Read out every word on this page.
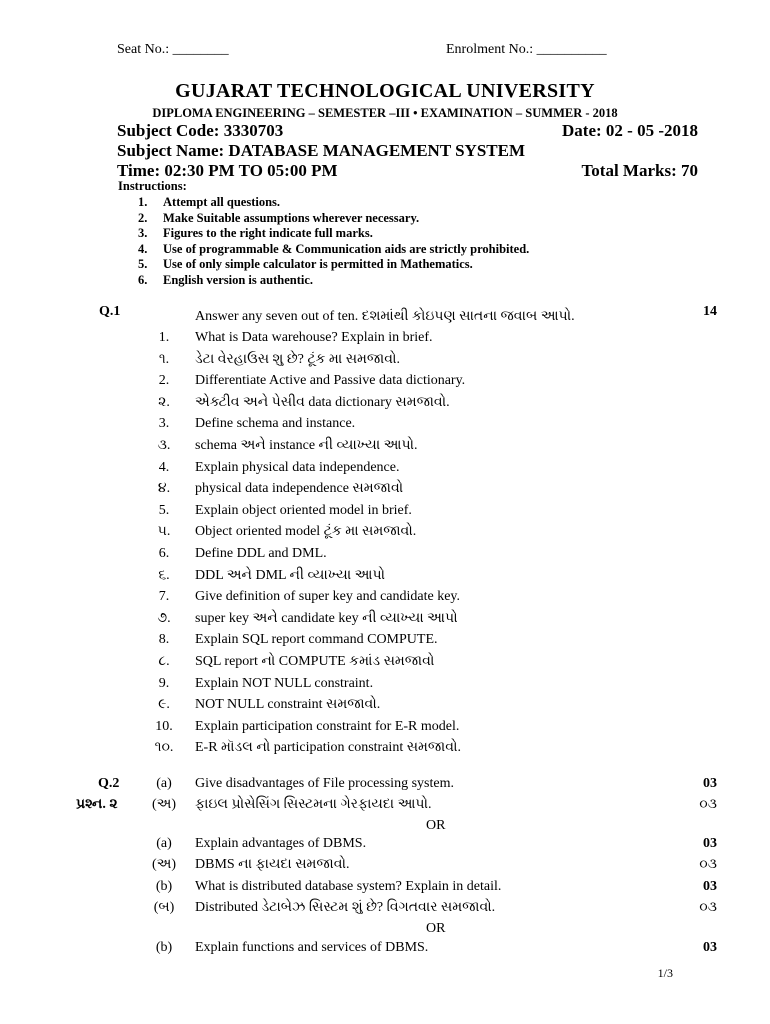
Seat No.: ________	Enrolment No.: __________
GUJARAT TECHNOLOGICAL UNIVERSITY
DIPLOMA ENGINEERING – SEMESTER –III • EXAMINATION – SUMMER - 2018
Subject Code: 3330703	Date: 02 - 05 -2018
Subject Name: DATABASE MANAGEMENT SYSTEM
Time: 02:30 PM TO 05:00 PM	Total Marks: 70
Instructions:
1. Attempt all questions.
2. Make Suitable assumptions wherever necessary.
3. Figures to the right indicate full marks.
4. Use of programmable & Communication aids are strictly prohibited.
5. Use of only simple calculator is permitted in Mathematics.
6. English version is authentic.
Q.1	Answer any seven out of ten. દશમાંથી કોઇપણ સાતના જવાબ આપો.	14
1.	What is Data warehouse? Explain in brief.
૧.	ડેટા વેરહાઉસ શુ છે? ટૂંક મા સમજાવો.
2.	Differentiate Active and Passive data dictionary.
૨.	એક્ટીવ અને પેસીવ data dictionary સમજાવો.
3.	Define schema and instance.
૩.	schema અને instance ની વ્યાખ્યા આપો.
4.	Explain physical data independence.
૪.	physical data independence સમજાવો
5.	Explain object oriented model in brief.
૫.	Object oriented model ટૂંક મા સમજાવો.
6.	Define DDL and DML.
૬.	DDL અને DML ની વ્યાખ્યા આપો
7.	Give definition of super key and candidate key.
૭.	super key અને candidate key ની વ્યાખ્યા આપો
8.	Explain SQL report command COMPUTE.
૮.	SQL report નો COMPUTE કમાંડ સમજાવો
9.	Explain NOT NULL constraint.
૯.	NOT NULL constraint સમજાવો.
10.	Explain participation constraint for E-R model.
૧૦.	E-R મૉડલ નો participation constraint સમજાવો.
Q.2
પ્રશ્ન. ૨
(a)	Give disadvantages of File processing system.	03
(અ)	ફાઇલ પ્રોસેસિંગ સિસ્ટમના ગેરફાયદા આપો.	૦૩
OR
(a)	Explain advantages of DBMS.	03
(અ)	DBMS ના ફાયદા સમજાવો.	૦૩
(b)	What is distributed database system? Explain in detail.	03
(બ)	Distributed ડેટાબેઝ સિસ્ટમ શું છે? વિગતવાર સમજાવો.	૦૩
OR
(b)	Explain functions and services of DBMS.	03
1/3
